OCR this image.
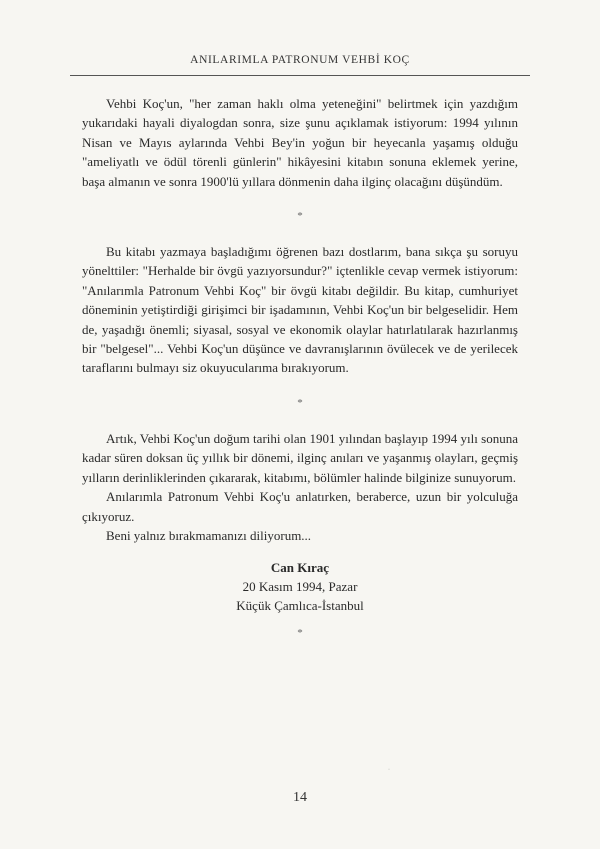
ANILARIMLA PATRONUM VEHBİ KOÇ

Vehbi Koç'un, "her zaman haklı olma yeteneğini" belirtmek için yazdığım yukarıdaki hayali diyalogdan sonra, size şunu açıklamak istiyorum: 1994 yılının Nisan ve Mayıs aylarında Vehbi Bey'in yoğun bir heyecanla yaşamış olduğu "ameliyatlı ve ödül törenli günlerin" hikâyesini kitabın sonuna eklemek yerine, başa almanın ve sonra 1900'lü yıllara dönmenin daha ilginç olacağını düşündüm.

*

Bu kitabı yazmaya başladığımı öğrenen bazı dostlarım, bana sıkça şu soruyu yönelttiler: "Herhalde bir övgü yazıyorsundur?" içtenlikle cevap vermek istiyorum: "Anılarımla Patronum Vehbi Koç" bir övgü kitabı değildir. Bu kitap, cumhuriyet döneminin yetiştirdiği girişimci bir işadamının, Vehbi Koç'un bir belgeselidir. Hem de, yaşadığı önemli; siyasal, sosyal ve ekonomik olaylar hatırlatılarak hazırlanmış bir "belgesel"... Vehbi Koç'un düşünce ve davranışlarının övülecek ve de yerilecek taraflarını bulmayı siz okuyucularıma bırakıyorum.

*

Artık, Vehbi Koç'un doğum tarihi olan 1901 yılından başlayıp 1994 yılı sonuna kadar süren doksan üç yıllık bir dönemi, ilginç anıları ve yaşanmış olayları, geçmiş yılların derinliklerinden çıkararak, kitabımı, bölümler halinde bilginize sunuyorum.

Anılarımla Patronum Vehbi Koç'u anlatırken, beraberce, uzun bir yolculuğa çıkıyoruz.

Beni yalnız bırakmamanızı diliyorum...

Can Kıraç
20 Kasım 1994, Pazar
Küçük Çamlıca-İstanbul
*
·
14
